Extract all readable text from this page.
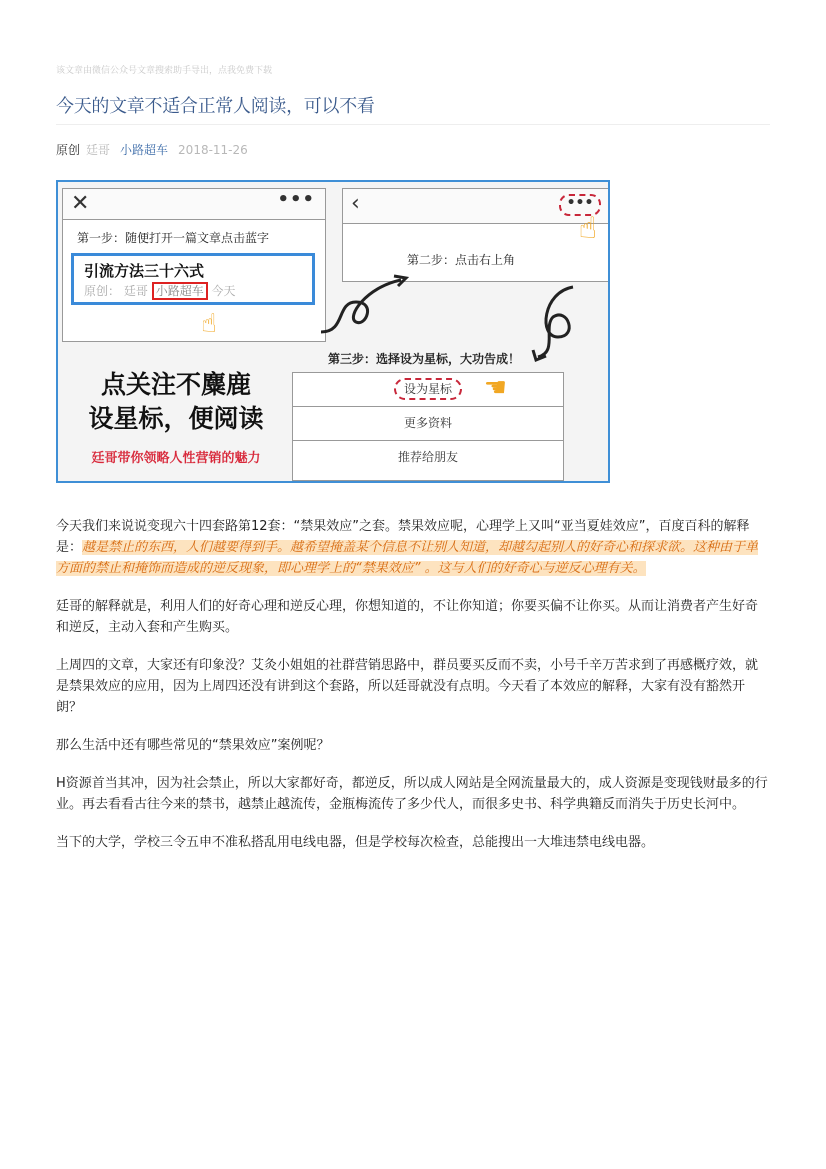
该文章由微信公众号文章搜索助手导出，点我免费下载
今天的文章不适合正常人阅读，可以不看
原创 廷哥 小路超车 2018-11-26
✕	•••
第一步：随便打开一篇文章点击蓝字
引流方法三十六式
原创： 廷哥 小路超车 今天
☝
‹	•••
第二步：点击右上角
☝
第三步：选择设为星标，大功告成！
设为星标 ☚
更多资料
推荐给朋友
点关注不麋鹿
设星标，便阅读
廷哥带你领略人性营销的魅力

今天我们来说说变现六十四套路第12套：“禁果效应”之套。禁果效应呢，心理学上又叫“亚当夏娃效应”，百度百科的解释是：越是禁止的东西，人们越要得到手。越希望掩盖某个信息不让别人知道，却越勾起别人的好奇心和探求欲。这种由于单方面的禁止和掩饰而造成的逆反现象，即心理学上的“禁果效应” 。这与人们的好奇心与逆反心理有关。

廷哥的解释就是，利用人们的好奇心理和逆反心理，你想知道的，不让你知道；你要买偏不让你买。从而让消费者产生好奇和逆反，主动入套和产生购买。

上周四的文章，大家还有印象没？艾灸小姐姐的社群营销思路中，群员要买反而不卖，小号千辛万苦求到了再感概疗效，就是禁果效应的应用，因为上周四还没有讲到这个套路，所以廷哥就没有点明。今天看了本效应的解释，大家有没有豁然开朗？

那么生活中还有哪些常见的“禁果效应”案例呢？

H资源首当其冲，因为社会禁止，所以大家都好奇，都逆反，所以成人网站是全网流量最大的，成人资源是变现钱财最多的行业。再去看看古往今来的禁书，越禁止越流传，金瓶梅流传了多少代人，而很多史书、科学典籍反而消失于历史长河中。

当下的大学，学校三令五申不准私搭乱用电线电器，但是学校每次检查，总能搜出一大堆违禁电线电器。
